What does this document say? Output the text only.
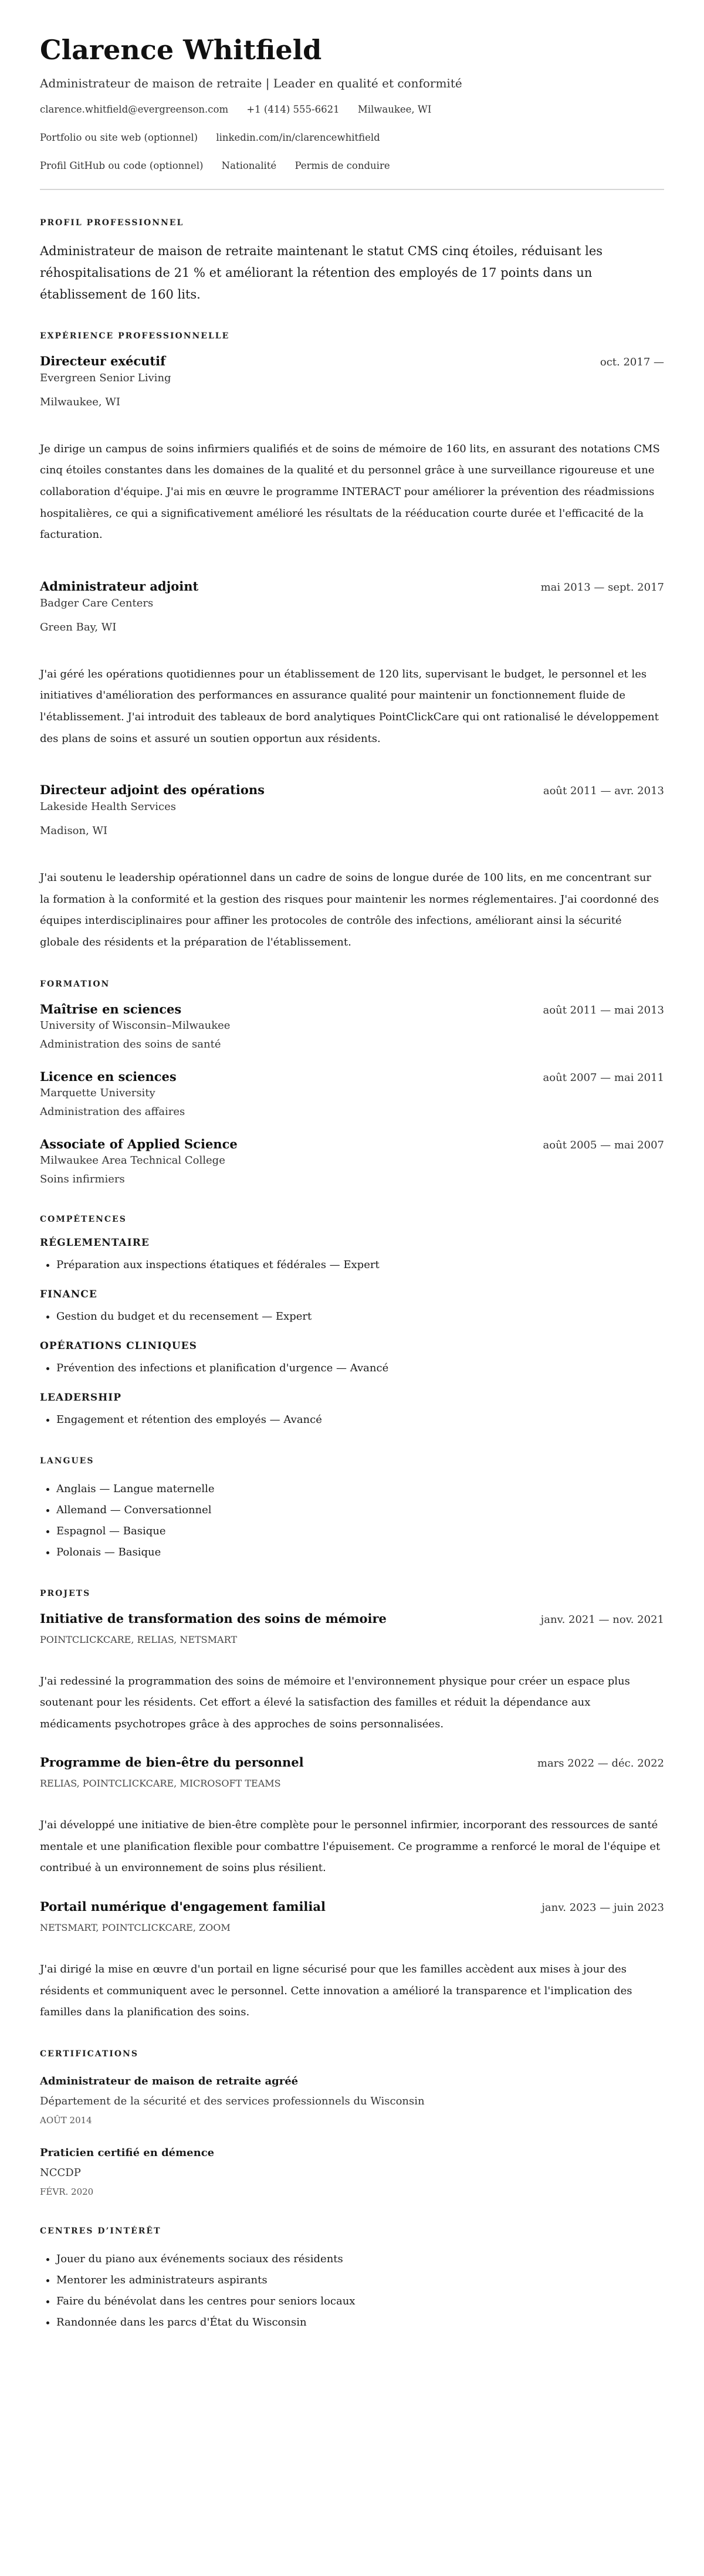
Clarence Whitfield
Administrateur de maison de retraite | Leader en qualité et conformité
clarence.whitfield@evergreenson.com +1 (414) 555-6621 Milwaukee, WI
Portfolio ou site web (optionnel) linkedin.com/in/clarencewhitfield
Profil GitHub ou code (optionnel) Nationalité Permis de conduire
PROFIL PROFESSIONNEL

Administrateur de maison de retraite maintenant le statut CMS cinq étoiles, réduisant les réhospitalisations de 21 % et améliorant la rétention des employés de 17 points dans un établissement de 160 lits.

EXPÉRIENCE PROFESSIONNELLE
Directeur exécutif	oct. 2017 —
Evergreen Senior Living
Milwaukee, WI

Je dirige un campus de soins infirmiers qualifiés et de soins de mémoire de 160 lits, en assurant des notations CMS cinq étoiles constantes dans les domaines de la qualité et du personnel grâce à une surveillance rigoureuse et une collaboration d'équipe. J'ai mis en œuvre le programme INTERACT pour améliorer la prévention des réadmissions hospitalières, ce qui a significativement amélioré les résultats de la rééducation courte durée et l'efficacité de la facturation.

Administrateur adjoint	mai 2013 — sept. 2017
Badger Care Centers
Green Bay, WI

J'ai géré les opérations quotidiennes pour un établissement de 120 lits, supervisant le budget, le personnel et les initiatives d'amélioration des performances en assurance qualité pour maintenir un fonctionnement fluide de l'établissement. J'ai introduit des tableaux de bord analytiques PointClickCare qui ont rationalisé le développement des plans de soins et assuré un soutien opportun aux résidents.

Directeur adjoint des opérations	août 2011 — avr. 2013
Lakeside Health Services
Madison, WI

J'ai soutenu le leadership opérationnel dans un cadre de soins de longue durée de 100 lits, en me concentrant sur la formation à la conformité et la gestion des risques pour maintenir les normes réglementaires. J'ai coordonné des équipes interdisciplinaires pour affiner les protocoles de contrôle des infections, améliorant ainsi la sécurité globale des résidents et la préparation de l'établissement.

FORMATION
Maîtrise en sciences	août 2011 — mai 2013
University of Wisconsin–Milwaukee
Administration des soins de santé
Licence en sciences	août 2007 — mai 2011
Marquette University
Administration des affaires
Associate of Applied Science	août 2005 — mai 2007
Milwaukee Area Technical College
Soins infirmiers
COMPÉTENCES
RÉGLEMENTAIRE
• Préparation aux inspections étatiques et fédérales — Expert
FINANCE
• Gestion du budget et du recensement — Expert
OPÉRATIONS CLINIQUES
• Prévention des infections et planification d'urgence — Avancé
LEADERSHIP
• Engagement et rétention des employés — Avancé
LANGUES
• Anglais — Langue maternelle
• Allemand — Conversationnel
• Espagnol — Basique
• Polonais — Basique
PROJETS
Initiative de transformation des soins de mémoire	janv. 2021 — nov. 2021
POINTCLICKCARE, RELIAS, NETSMART

J'ai redessiné la programmation des soins de mémoire et l'environnement physique pour créer un espace plus soutenant pour les résidents. Cet effort a élevé la satisfaction des familles et réduit la dépendance aux médicaments psychotropes grâce à des approches de soins personnalisées.

Programme de bien-être du personnel	mars 2022 — déc. 2022
RELIAS, POINTCLICKCARE, MICROSOFT TEAMS

J'ai développé une initiative de bien-être complète pour le personnel infirmier, incorporant des ressources de santé mentale et une planification flexible pour combattre l'épuisement. Ce programme a renforcé le moral de l'équipe et contribué à un environnement de soins plus résilient.

Portail numérique d'engagement familial	janv. 2023 — juin 2023
NETSMART, POINTCLICKCARE, ZOOM

J'ai dirigé la mise en œuvre d'un portail en ligne sécurisé pour que les familles accèdent aux mises à jour des résidents et communiquent avec le personnel. Cette innovation a amélioré la transparence et l'implication des familles dans la planification des soins.

CERTIFICATIONS
Administrateur de maison de retraite agréé
Département de la sécurité et des services professionnels du Wisconsin
AOÛT 2014
Praticien certifié en démence
NCCDP
FÉVR. 2020
CENTRES D’INTÉRÊT
• Jouer du piano aux événements sociaux des résidents
• Mentorer les administrateurs aspirants
• Faire du bénévolat dans les centres pour seniors locaux
• Randonnée dans les parcs d'État du Wisconsin
